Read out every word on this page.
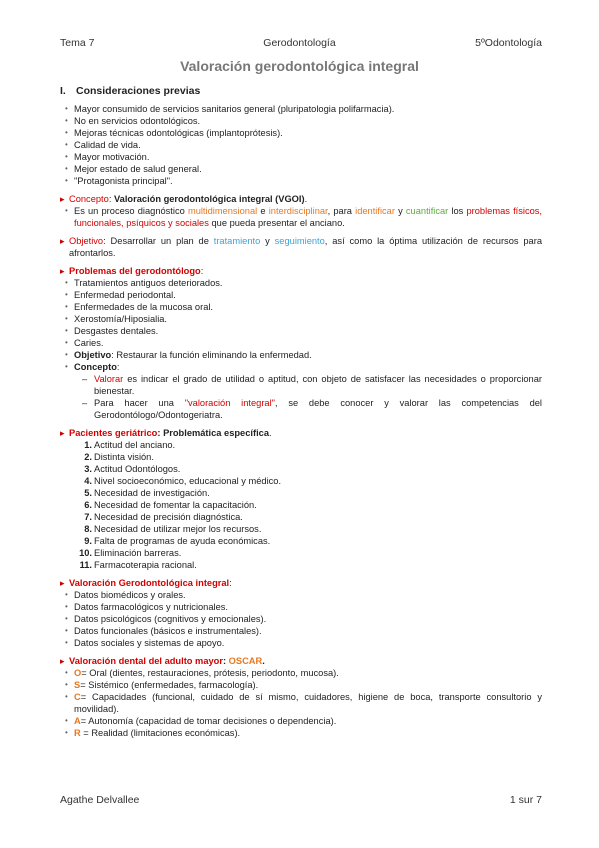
Tema 7	Gerodontología	5ºOdontología
Valoración gerodontológica integral
I. Consideraciones previas
• Mayor consumido de servicios sanitarios general (pluripatologia polifarmacia).
• No en servicios odontológicos.
• Mejoras técnicas odontológicas (implantoprótesis).
• Calidad de vida.
• Mayor motivación.
• Mejor estado de salud general.
• "Protagonista principal".
▸ Concepto: Valoración gerodontológica integral (VGOI).
• Es un proceso diagnóstico multidimensional e interdisciplinar, para identificar y cuantificar los problemas físicos, funcionales, psíquicos y sociales que pueda presentar el anciano.
▸ Objetivo: Desarrollar un plan de tratamiento y seguimiento, así como la óptima utilización de recursos para afrontarlos.
▸ Problemas del gerodontólogo:
• Tratamientos antiguos deteriorados.
• Enfermedad periodontal.
• Enfermedades de la mucosa oral.
• Xerostomía/Hiposialia.
• Desgastes dentales.
• Caries.
• Objetivo: Restaurar la función eliminando la enfermedad.
• Concepto:
– Valorar es indicar el grado de utilidad o aptitud, con objeto de satisfacer las necesidades o proporcionar bienestar.
– Para hacer una "valoración integral", se debe conocer y valorar las competencias del Gerodontólogo/Odontogeriatra.
▸ Pacientes geriátrico: Problemática específica.
1. Actitud del anciano.
2. Distinta visión.
3. Actitud Odontólogos.
4. Nivel socioeconómico, educacional y médico.
5. Necesidad de investigación.
6. Necesidad de fomentar la capacitación.
7. Necesidad de precisión diagnóstica.
8. Necesidad de utilizar mejor los recursos.
9. Falta de programas de ayuda económicas.
10. Eliminación barreras.
11. Farmacoterapia racional.
▸ Valoración Gerodontológica integral:
• Datos biomédicos y orales.
• Datos farmacológicos y nutricionales.
• Datos psicológicos (cognitivos y emocionales).
• Datos funcionales (básicos e instrumentales).
• Datos sociales y sistemas de apoyo.
▸ Valoración dental del adulto mayor: OSCAR.
• O= Oral (dientes, restauraciones, prótesis, periodonto, mucosa).
• S= Sistémico (enfermedades, farmacología).
• C= Capacidades (funcional, cuidado de sí mismo, cuidadores, higiene de boca, transporte consultorio y movilidad).
• A= Autonomía (capacidad de tomar decisiones o dependencia).
• R = Realidad (limitaciones económicas).
Agathe Delvallee	1 sur 7
